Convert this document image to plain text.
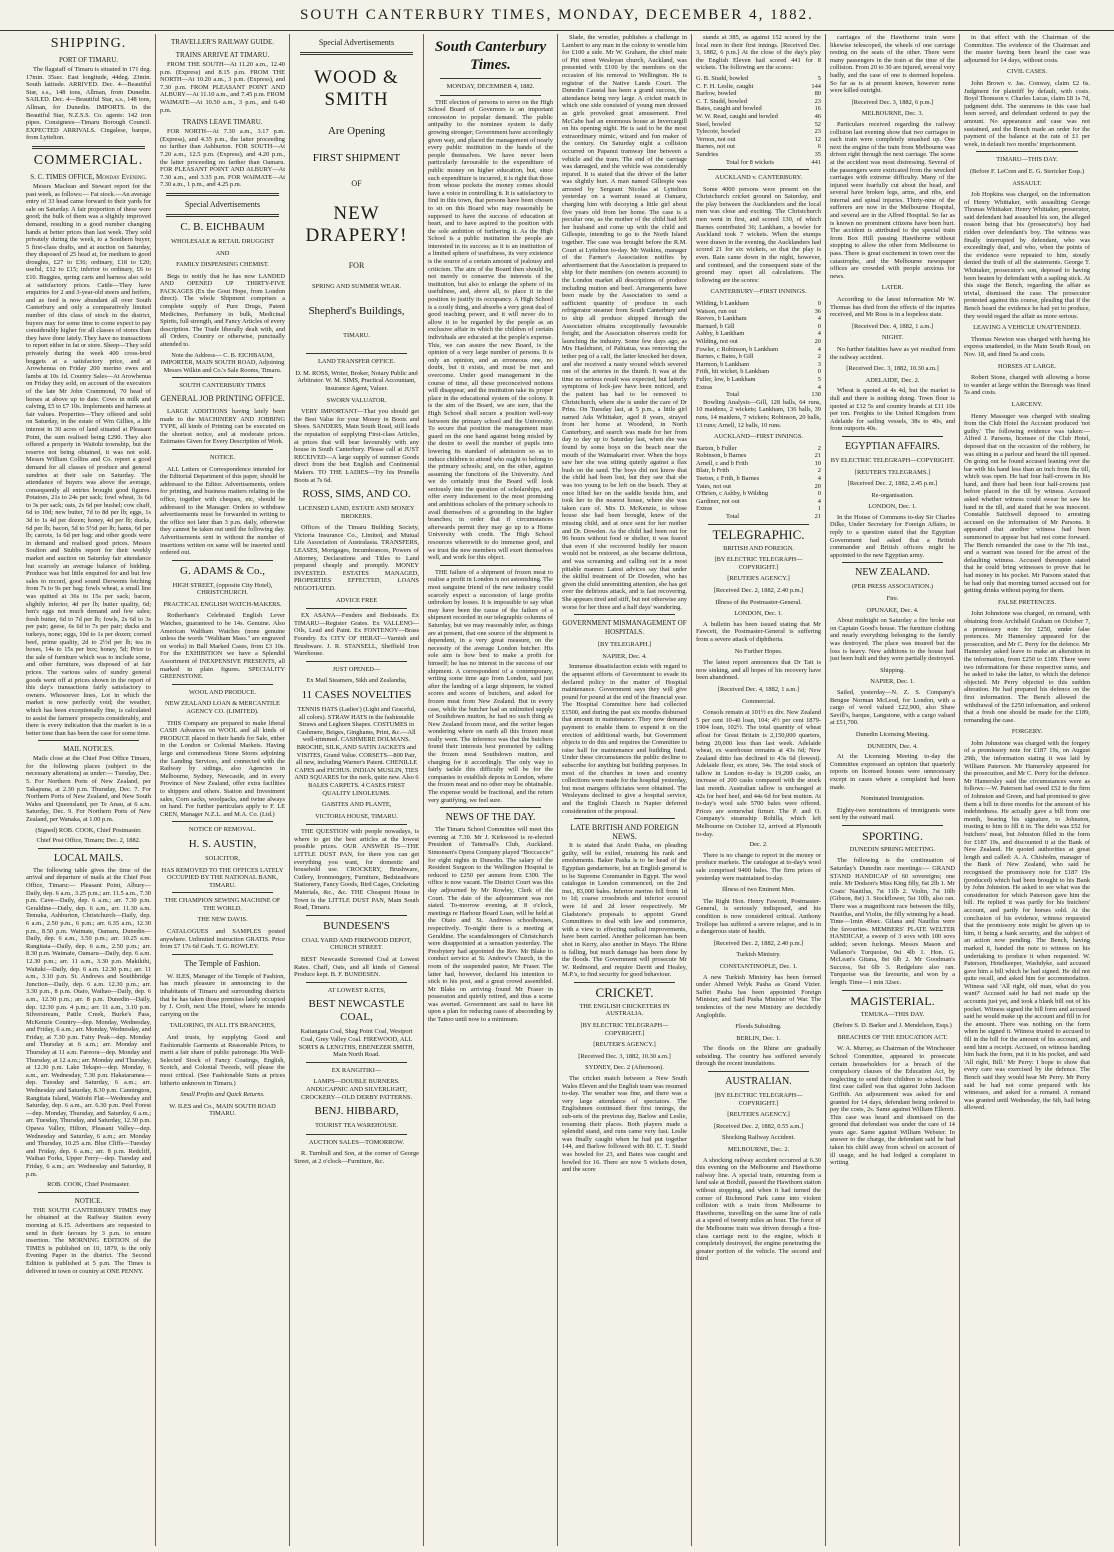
SOUTH CANTERBURY TIMES, MONDAY, DECEMBER 4, 1882.
SHIPPING.
PORT OF TIMARU.

The flagstaff of Timaru is situated in 171 deg. 17min. 35sec. East longitude, 44deg. 23min. South latitude. ARRIVED. Dec. 4—Beautiful Star, s.s., 148 tons, Allman, from Dunedin. SAILED. Dec. 4—Beautiful Star, s.s., 148 tons, Allman, for Dunedin. IMPORTS. In the Beautiful Star, N.Z.S.S. Co. agents: 142 iron pipes. Consignees—Timaru Borough Council. EXPECTED ARRIVALS. Cingalese, barque, from Lyttelton.

COMMERCIAL.
S. C. TIMES OFFICE, Monday Evening.

Messrs Maclean and Stewart report for the past week, as follows:— Fat stock.—An average entry of 33 head came forward to their yards for sale on Saturday. A fair proportion of these were good; the bulk of them was a slightly improved demand, resulting in a good number changing hands at better prices than last week. They sold privately during the week, to a Southern buyer, 5 first-class drafts, and at auction on Saturday, they disposed of 25 head at, for medium to good droughts, £27 to £36; ordinary, £18 to £20; useful, £12 to £15; inferior to ordinary, £6 to £10. Buggies, spring carts and harness also sold at satisfactory prices. Cattle—They have enquiries for 2 and 3-year-old steers and heifers, and as feed is now abundant all over South Canterbury and only a comparatively limited number of this class of stock in the district, buyers may for some time to come expect to pay considerably higher for all classes of stores than they have done lately. They have no transactions to report either in fat or store. Sheep—They sold privately during the week 400 cross-bred hoggets at a satisfactory price, and at Arowhenua on Friday 200 merino ewes and lambs at 10s 1d. Country Sales—At Arowhenua on Friday they sold, on account of the executors of the late Mr John Crammond, 70 head of horses at above up to date. Cows in milk and calving, £5 to £7 10s. Implements and harness at fair values. Properties—They offered and sold on Saturday, in the estate of Wm Gillies, a life interest in 30 acres of land situated at Pleasant Point, the sum realised being £290. They also offered a property in Waitohi township, but the reserve not being obtained, it was not sold. Messrs William Collins and Co. report a good demand for all classes of produce and general sundries at their sale on Saturday. The attendance of buyers was above the average, consequently all entries brought good figures. Potatoes, 21s to 24s per sack; fowl wheat, 3s 6d to 3s per sack; oats, 2s 6d per bushel; cow chaff, 6d to 10d; new butter, 7d to 8d per lb; eggs, 1s 3d to 1s 4d per dozen; honey, 4d per lb; ducks, 6d per lb; bacon, 5d to 5½d per lb; hams, 6d per lb; carrots, 1s 6d per bag; and other goods were in demand and realised good prices. Messrs Soulton and Stubbs report for their weekly market and auction on Saturday fair attendance but scarcely an average balance of bidding. Produce was but little enquired for and but few sales to record, good sound Derwents fetching from 7s to 9s per bag; fowls wheat, a small line was quitted at 36s to 15s per sack; bacon, slightly inferior, 4d per lb; butter quality, 6d; hen's eggs not much demand and few sales; fresh butter, 6d to 7d per lb; fowls, 2s 6d to 3s per pair; geese, 6s 6d to 7s per pair; ducks and turkeys, none; eggs, 10d to 1s per dozen; corned beef, prime quality, 2d to 2½d per lb; tea in boxes, 14s to 15s per box; honey, 5d; Prior to the sale of furniture which was to include some, and other furniture, was disposed of at fair prices. The various sales of sundry general goods went off at prices shown in the report of this day's transactions fairly satisfactory to owners. Whosoever lines, Lot in which the market is now perfectly void; the weather, which has been exceptionally fine, is calculated to assist the farmers' prospects considerably, and there is every indication that the market is in a better tone than has been the case for some time.

MAIL NOTICES.

Mails close at the Chief Post Office Timaru, for the following places (subject to the necessary alterations) as under:— Tuesday, Dec. 5. For Northern Ports of New Zealand, per Takapuna, at 2.30 p.m. Thursday, Dec. 7. For Northern Ports of New Zealand, and New South Wales and Queensland, per Te Anau, at 6 a.m. Saturday, Dec. 9. For Northern Ports of New Zealand, per Wanaka, at 1.00 p.m.

(Signed) ROB. COOK, Chief Postmaster.

Chief Post Office, Timaru; Dec. 2, 1882.

LOCAL MAILS.

The following table gives the time of the arrival and departure of mails at the Chief Post Office, Timaru:— Pleasant Point, Albury—Daily, dep. 6 a.m., 3.25 p.m.; arr. 11.5 a.m., 7.30 p.m. Cave—Daily, dep. 6 a.m.; arr. 7.30 p.m. Geraldine—Daily, dep. 6 a.m., arr. 11.30 a.m. Temuka, Ashburton, Christchurch—Daily, dep. 6 a.m., 2.50 p.m., 6 p.m.; arr. 6.35 a.m., 12.30 p.m., 8.50 p.m. Waimate, Oamaru, Dunedin—Daily, dep. 6 a.m., 3.50 p.m.; arr. 10.25 a.m. Rangitata—Daily, dep. 6 a.m., 2.50 p.m.; arr. 8.30 p.m. Waimate, Oamaru—Daily, dep. 6 a.m. 12.30 p.m.; arr. 11 a.m., 3.30 p.m. Makikihi, Waitaki—Daily, dep. 6 a.m. 12.30 p.m.; arr. 11 a.m., 3.10 p.m. St. Andrews and Southbridge Junction—Daily, dep. 6 a.m. 12.30 p.m.; arr. 3.30 p.m., 8 p.m. Otaio, Waihao—Daily, dep. 6 a.m., 12.30 p.m.; arr. 8 p.m. Dunedin—Daily, dep. 12.30 p.m. 4 p.m.; arr. 11 a.m., 3.10 p.m. Silverstream, Pattle Creek, Burke's Pass, McKenzie Country—dep. Monday, Wednesday, and Friday, 6 a.m.; arr. Monday, Wednesday, and Friday, at 7.30 p.m. Fairy Peak—dep. Monday and Thursday at 6 a.m.; arr. Monday and Thursday at 11 a.m. Fareora—dep. Monday and Thursday, at 12 a.m.; arr. Monday and Thursday, at 12.30 p.m. Lake Tekapo—dep. Monday, 6 a.m., arr. Wednesday, 7.30 p.m. Hakataramea—dep. Tuesday and Saturday, 6 a.m.; arr. Wednesday and Saturday, 8.30 p.m. Cannington, Rangitata Island, Waitohi Flat—Wednesday and Saturday, dep. 6 a.m., arr. 6.30 p.m. Peel Forest—dep. Monday, Thursday, and Saturday, 6 a.m.; arr. Tuesday, Thursday, and Saturday, 12.30 p.m. Opawa Valley, Hilton, Pleasant Valley—dep. Wednesday and Saturday, 6 a.m.; arr. Monday and Thursday, 10.25 a.m. Blue Cliffs—Tuesday and Friday, dep. 6 a.m.; arr. 8 p.m. Redcliff, Waihao Forks, Upper Ferry—dep. Tuesday and Friday, 6 a.m.; arr. Wednesday and Saturday, 8 p.m.

ROB. COOK, Chief Postmaster.

NOTICE.

THE SOUTH CANTERBURY TIMES may be obtained at the Railway Station every morning at 6.15. Advertisers are requested to send in their favours by 3 p.m. to ensure insertion. The MORNING EDITION of the TIMES is published on 10, 1879, is the only Evening Paper in the district. The Second Edition is published at 5 p.m. The Times is delivered in town or country at ONE PENNY.

TRAVELLER'S RAILWAY GUIDE.
TRAINS ARRIVE AT TIMARU.

FROM THE SOUTH—At 11.20 a.m., 12.40 p.m. (Express) and 8.15 p.m. FROM THE NORTH—At 10.20 a.m., 3 p.m. (Express), and 7.30 p.m. FROM PLEASANT POINT AND ALBURY—At 11.10 a.m., and 7.45 p.m. FROM WAIMATE—At 10.50 a.m., 3 p.m., and 6.40 p.m.

TRAINS LEAVE TIMARU.

FOR NORTH—At 7.30 a.m., 3.17 p.m. (Express), and 4.35 p.m., the latter proceeding no farther than Ashburton. FOR SOUTH—At 7.20 a.m., 12.5 p.m. (Express), and 4.20 p.m., the latter proceeding no farther than Oamaru. FOR PLEASANT POINT AND ALBURY—At 7.30 a.m., and 3.35 p.m. FOR WAIMATE—At 7.30 a.m., 1 p.m., and 4.25 p.m.

Special Advertisements
C. B. EICHBAUM
WHOLESALE & RETAIL DRUGGIST
AND
FAMILY DISPENSING CHEMIST.

Begs to notify that he has now LANDED AND OPENED UP THIRTY-FIVE PACKAGES (Ex the Gout Hope, from London direct). The whole Shipment comprises a complete supply of Pure Drugs, Patent Medicines, Perfumery in bulk, Medicinal Spirits, full strength, and Fancy Articles of every description. The Trade liberally dealt with, and all Orders, Country or otherwise, punctually attended to.

Note the Address— C. B. EICHBAUM, IMPORTER, MAIN SOUTH ROAD, Adjoining Messrs Wilkin and Co.'s Sale Rooms, Timaru.

SOUTH CANTERBURY TIMES
GENERAL JOB PRINTING OFFICE.

LARGE ADDITIONS having lately been made to the MACHINERY AND JOBBING TYPE, all kinds of Printing can be executed on the shortest notice, and at moderate prices. Estimates Given for Every Description of Work.

NOTICE.

ALL Letters or Correspondence intended for the Editorial Department of this paper, should be addressed to the Editor. Advertisements, orders for printing, and business matters relating to the office, together with cheques, etc, should be addressed to the Manager. Orders to withdraw advertisements must be forwarded in writing to the office not later than 3 p.m. daily, otherwise they cannot be taken out until the following day. Advertisements sent in without the number of insertions written on same will be inserted until ordered out.

G. ADAMS & Co.,
HIGH STREET, (opposite City Hotel), CHRISTCHURCH.
PRACTICAL ENGLISH WATCH-MAKERS.

Rotherham's Celebrated English Lever Watches, guaranteed to be 14s. Genuine. Also American Waltham Watches (none genuine unless the words "Waltham Mass." are engraved on works) in Ball Marked Cases, from £3 10s. For the EXHIBITION we have a Splendid Assortment of INEXPENSIVE PRESENTS, all marked in plain figures. SPECIALITY GREENSTONE.

WOOL AND PRODUCE.
NEW ZEALAND LOAN & MERCANTILE AGENCY CO. (LIMITED).

THIS Company are prepared to make liberal CASH Advances on WOOL and all kinds of PRODUCE placed in their hands for Sale, either in the London or Colonial Markets. Having large and commodious Stone Stores adjoining the Landing Services, and connected with the Railway by sidings, also Agencies in Melbourne, Sydney, Newcastle, and in every Province of New Zealand, offer extra facilities to shippers and others. Station and Investment sales, Corn sacks, woolpacks, and twine always on hand. For further particulars apply to F. LE CREN, Manager N.Z.L. and M.A. Co. (Ltd.)

NOTICE OF REMOVAL.
H. S. AUSTIN,
SOLICITOR,

HAS REMOVED TO THE OFFICES LATELY OCCUPIED BY THE NATIONAL BANK, TIMARU.

THE CHAMPION SEWING MACHINE OF THE WORLD.
THE NEW DAVIS.

CATALOGUES and SAMPLES posted anywhere. Unlimited instruction GRATIS. Price from £7 17s 6d Cash. T. G. ROWLEY.

The Temple of Fashion.

W. ILES, Manager of the Temple of Fashion, has much pleasure in announcing to the inhabitants of Timaru and surrounding districts that he has taken those premises lately occupied by J. Croft, next Uhe Hotel, where he intends carrying on the

TAILORING, IN ALL ITS BRANCHES,

And trusts, by supplying Good and Fashionable Garments at Reasonable Prices, to merit a fair share of public patronage. His Well-Selected Stock of Fancy Coatings, English, Scotch, and Colonial Tweeds, will please the most critical. (See Fashionable Suits at prices hitherto unknown in Timaru.)

Small Profits and Quick Returns.
W. ILES and Co., MAIN SOUTH ROAD TIMARU.
Special Advertisements
WOOD & SMITH
Are Opening
FIRST SHIPMENT
OF
NEW DRAPERY!
FOR
SPRING AND SUMMER WEAR.
Shepherd's Buildings,
TIMARU.
LAND TRANSFER OFFICE.

D. M. ROSS, Writer, Broker, Notary Public and Arbitrator. W. M. SIMS, Practical Accountant, Insurance Agent, Valuer.

SWORN VALUATOR.

VERY IMPORTANT—That you should get the Best Value for your Money in Boots and Shoes. SANDERS, Main South Road, still leads the reputation of supplying First-class Articles, at prices that will bear favourably with any house in South Canterbury. Please call at JUST RECEIVED—A large supply of summer Goods direct from the best English and Continental Makers. TO THE LADIES—Try his Prunella Boots at 7s 6d.

ROSS, SIMS, AND CO.
LICENSED LAND, ESTATE AND MONEY BROKERS.

Offices of the Timaru Building Society, Victoria Insurance Co., Limited, and Mutual Life Association of Australasia. TRANSFERS, LEASES, Mortgages, Incumbrances, Powers of Attorney, Declarations and Titles to Land prepared cheaply and promptly. MONEY INVESTED. ESTATES MANAGED, PROPERTIES EFFECTED, LOANS NEGOTIATED.

ADVICE FREE

EX ASANA—Fenders and Bedsteads. Ex TIMARU—Register Grates. Ex VALLENO—Oils, Lead and Paint. Ex FONTENOY—Brass Foundry. Ex CITY OF HERAT—Varnish and Brushware. J. R. STANSELL, Sheffield Iron Warehouse.

JUST OPENED—
Ex Mail Steamers, Sikh and Zealandia,
11 CASES NOVELTIES

TENNIS HATS (Ladies') (Light and Graceful, all colors). STRAW HATS in the fashionable Straws and Leghorn Shapes. COSTUMES in Cashmere, Beiges, Ginghams, Print, &c.—All well-trimmed. CASHMERE DOLMANS. BROCHE, SILK, AND SATIN JACKETS and VISITES, Grand Value. CORSETS—800 Pair, all new, including Warner's Patent. CHENILLE CAPES and FICHUS. INDIAN MUSLIN, TIES AND SQUARES for the neck, quite new. Also 6 BALES CARPETS. 4 CASES FIRST QUALITY LINOLEUMS.

GABITES AND PLANTE,
VICTORIA HOUSE, TIMARU.

THE QUESTION with people nowadays, is where to get the best articles at the lowest possible prices. OUR ANSWER IS—THE LITTLE DUST PAN, for there you can get everything you want, for domestic and household use. CROCKERY, Brushware, Cutlery, Ironmongery, Furniture, Bedsteadware Stationery, Fancy Goods, Bird Cages, Cricketing Materials, &c., &c. THE Cheapest House in Town is the LITTLE DUST PAN, Main South Road, Timaru.

BUNDESEN'S
COAL YARD AND FIREWOOD DEPOT, CHURCH STREET.

BEST Newcastle Screened Coal at Lowest Rates. Chaff, Oats, and all kinds of General Produce kept. B. F. BUNDESEN.

AT LOWEST RATES,
BEST NEWCASTLE COAL,

Kaitangata Coal, Shag Point Coal, Westport Coal, Grey Valley Coal. FIREWOOD, ALL SORTS & LENGTHS, EBENEZER SMITH, Main North Road.

EX RANGITIKI—

LAMPS—DOUBLE BURNERS. ANDUCAPNIC AND SILVERLIGHT, CROCKERY—OLD DERBY PATTERNS.

BENJ. HIBBARD,
TOURIST TEA WAREHOUSE.
AUCTION SALES—TOMORROW.

R. Turnbull and Son, at the corner of George Street, at 2 o'clock—Furniture, &c.

South Canterbury Times.
MONDAY, DECEMBER 4, 1882.

THE election of persons to serve on the High School Board of Governors is an important concession to popular demand. The public antipathy to the nominee system is daily growing stronger; Government have accordingly given way, and placed the management of nearly every public institution in the hands of the people themselves. We have never been particularly favourable to the expenditure of public money on higher education, but, since such expenditure is incurred, it is right that those from whose pockets the money comes should have a voice in controlling it. It is satisfactory to find in this town, that persons have been chosen to sit on this Board who may reasonably be supposed to have the success of education at heart, and to have aspired to the position with the sole ambition of furthering it. As the High School is a public institution the people are interested in its success; as it is an institution of a limited sphere of usefulness, its very existence is the source of a certain amount of jealousy and criticism. The aim of the Board then should be, not merely to conserve the interests of the institution, but also to enlarge the sphere of its usefulness, and, above all, to place it in the position to justify its occupancy. A High School is a costly thing, and absorbs a very great deal of good teaching power, and it will never do to allow it to be regarded by the people as an exclusive affair in which the children of certain individuals are educated at the people's expense. This, we can assure the new Board, is the opinion of a very large number of persons. It is only an opinion, and an erroneous one, no doubt, but it exists, and must be met and overcome. Under good management in the course of time, all these preconceived notions will disappear, and the institution take its proper place in the educational system of the colony. It is the aim of the Board, we are sure, that the High School shall secure a position well-way between the primary school and the University. To secure that position the management must guard on the one hand against being misled by the desire to swell the number of pupils into lowering its standard of admission so as to induce children to attend who ought to belong to the primary schools; and, on the other, against assuming the functions of the University. And we do certainly trust the Board will look seriously into the question of scholarships, and offer every inducement to the most promising and ambitious scholars of the primary schools to avail themselves of a grounding in the higher branches; in order that if circumstances afterwards permit they may go up to a Home University with credit. The High School resources wherewith to do immense good, and we trust the new members will exert themselves well, and work for this object.

THE failure of a shipment of frozen meat to realise a profit in London is not astonishing. The most sanguine friend of the new industry could scarcely expect a succession of large profits unbroken by losses. It is impossible to say what may have been the cause of the failure of a shipment recorded in our telegraphic columns of Saturday, but we may reasonably infer, as things are at present, that one source of the shipment is dependent, in a very great measure, on the necessity of the average London butcher. His sole aim is how best to make a profit for himself; he has no interest in the success of our shipment. A correspondent of a contemporary, writing some time ago from London, said just after the landing of a large shipment, he visited scores and scores of butchers, and asked for frozen meat from New Zealand. But in every case, while the butcher had an unlimited supply of Southdown mutton, he had no such thing as New Zealand frozen meat, and the writer began wondering where on earth all this frozen meat really went. The inference was that the butchers found their interests best promoted by calling the frozen meat Southdown mutton, and charging for it accordingly. The only way to fairly tackle this difficulty will be for the companies to establish depots in London, where the frozen meat and no other may be obtainable. The expense would be fractional, and the return very gratifying, we feel sure.

NEWS OF THE DAY.

The Timaru School Committee will meet this evening at 7.30. Mr J. Kirkwood is re-elected President of Tattersall's Club, Auckland. Simonsen's Opera Company played "Boccaccio" for eight nights in Dunedin. The salary of the Resident Surgeon to the Wellington Hospital is reduced to £250 per annum from £300. The office is now vacant. The District Court was this day adjourned by Mr Rowley, Clerk of the Court. The date of the adjournment was not stated. To-morrow evening, at 8 o'clock, meetings re Harbour Board Loan, will be held at the Otaio and St. Andrews schoolhouses, respectively. To-night there is a meeting at Geraldine. The scandalmongers of Christchurch were disappointed at a sensation yesterday. The Presbytery had appointed the Rev. Mr Blake to conduct service at St. Andrew's Church, in the room of the suspended pastor, Mr Fraser. The latter had, however, declared his intention to stick to his post, and a great crowd assembled. Mr Blake on arriving found Mr Fraser in possession and quietly retired, and thus a scene was averted. Government are said to have hit upon a plan for reducing cases of absconding by the Tattoo until now to a minimum.

Slade, the wrestler, publishes a challenge in Lambert to any man in the colony to wrestle him for £100 a side. Mr W. Graham, the chief mate of Pitt street Wesleyan church, Auckland, was presented with £100 by the members on the occasion of his removal to Wellington. He is registrar of the Native Lands Court. The Dunedin Caustal has been a grand success, the attendance being very large. A cricket match in which one side consisted of young men dressed as girls provoked great amusement. Fred McCabe had an enormous house at Invercargill on his opening night. He is said to be the most extraordinary mimic, wizard and fun maker of the century. On Saturday night a collision occurred on Papanui tramway line between a vehicle and the tram. The end of the carriage was damaged, and the vehicle was considerably injured. It is stated that the driver of the latter was slightly hurt. A man named Gillespie was arrested by Sergeant Nicolas at Lyttelton yesterday on a warrant issued at Oamaru, charging him with decoying a little girl about five years old from her home. The case is a peculiar one, as the mother of the child had left her husband and come up with the child and Gillespie, intending to go to the North Island together. The case was brought before the R.M. Court at Lyttelton to-day. Mr Watkins, manager of the Farmer's Association notifies by advertisement that the Association is prepared to ship for their members (on owners account) to the London market all descriptions of produce including mutton and beef. Arrangements have been made by the Association to send a sufficient quantity of produce in each refrigerator steamer from South Canterbury and to ship all produce shipped through the Association obtains exceptionally favourable freight, and the Association observes credit for launching the industry. Some few days ago, as Mrs Haslehurst, of Pahiatua, was removing the tether peg of a calf, the latter knocked her down, and she received a nasty wound which severed one of the arteries in the thumb. It was at the time no serious result was expected, but latterly symptoms of lock-jaw have been noticed, and the patient has had to be removed to Christchurch, where she is under the care of Dr Prins. On Tuesday last, at 5 p.m., a little girl named Ada Whittaker, aged 8 years, strayed from her home at Woodend, in North Canterbury, and search was made for her from day to day up to Saturday last, when she was found by some boys on the beach near the mouth of the Waimakariri river. When the boys saw her she was sitting quietly against a flax bush on the sand. The boys did not know that the child had been lost, but they saw that she was too young to be left on the beach. They at once lifted her on the saddle beside him, and took her to the nearest house, where she was taken care of. Mrs D. McKenzie, to whose house she had been brought, knew of the missing child, and at once sent for her mother and Dr. Dowden. As the child had been out for 96 hours without food or shelter, it was feared that even if she recovered bodily her reason would not be restored, as she became delirious, and was screaming and calling out in a most pitiable manner. Latest advices say that under the skilful treatment of Dr Dowden, who has given the child unremitting attention, she has got over the delirious attack, and is fast recovering. She appears tired and stiff, but not otherwise any worse for her three and a half days' wandering.

GOVERNMENT MISMANAGEMENT OF HOSPITALS.
[BY TELEGRAPH.]

NAPIER, Dec. 4.

Immense dissatisfaction exists with regard to the apparent efforts of Government to evade its declared policy in the matter of Hospital maintenance. Government says they will give pound for pound at the end of the financial year. The Hospital Committee here had collected £1500, and during the past six months disbursed that amount in maintenance. They now demand payment to enable them to expend it on the erection of additional wards, but Government objects to do this and requires the Committee to raise half for maintenance and building fund. Under these circumstances the public decline to subscribe for anything but building purposes. In most of the churches in town and country collections were made for the hospital yesterday, but most mangers officiates were obtained. The Wesleyans declined to give a hospital service, and the English Church in Napier deferred consideration of the proposal.

LATE BRITISH AND FOREIGN NEWS.

It is stated that Arabi Pasha, on pleading guilty, will be exiled, retaining his rank and emoluments. Baker Pasha is to be head of the Egyptian gendarmerie, but an English general is to be Supreme Commander in Egypt. The wool catalogue in London commenced, on the 2nd inst., 83,000 bales. Inferior merino fell from 1d to 1d; coarse crossbreds and inferior scoured were 1d and 2d lower respectively. Mr Gladstone's proposals to appoint Grand Committees to deal with law and commerce, with a view to effecting radical improvements, have been carried. Another policeman has been shot in Kerry, also another in Mayo. The Rhine is falling, but much damage has been done by the floods. The Government will prosecute Mr W. Redmond, and require Davitt and Healey, M.P.'s, to find security for good behaviour.

CRICKET.
THE ENGLISH CRICKETERS IN AUSTRALIA.
[BY ELECTRIC TELEGRAPH—COPYRIGHT.]
[REUTER'S AGENCY.]
[Received Dec. 3, 1882, 10.30 a.m.]

SYDNEY, Dec. 2 (Afternoon).

The cricket match between a New South Wales Eleven and the English team was resumed to-day. The weather was fine, and there was a very large attendance of spectators. The Englishmen continued their first innings, the sub-sets of the previous day, Barlow and Leslie, resuming their places. Both players made a splendid stand, and runs came very fast. Leslie was finally caught when he had put together 144, and Barlow followed with 80. C. T. Studd was bowled for 23, and Bates was caught and bowled for 16. There are now 5 wickets down, and the score

stands at 385, as against 152 scored by the local men in their first innings. [Received Dec. 3, 1882, 6 p.m.] At the close of the day's play the English Eleven had scored 441 for 8 wickets. The following are the scores:

G. B. Studd, bowled	5
C. F. H. Leslie, caught	144
Barlow, bowled	80
C. T. Studd, bowled	23
Bates, caught and bowled	16
W. W. Read, caught and bowled	46
Steel, bowled	52
Tylecote, bowled	23
Vernon, not out	12
Barnes, not out	6
Sundries	35
Total for 8 wickets	441
AUCKLAND v. CANTERBURY.

Some 4000 persons were present on the Christchurch cricket ground on Saturday, and the play between the Aucklanders and the local men was close and exciting. The Christchurch men went in first, and scored 130, of which Barnes contributed 36; Lankham, a bowler for Auckland took 7 wickets. When the stumps were drawn in the evening, the Aucklanders had scored 21 for six wickets, so that the play is even. Rain came down in the night, however, and continued, and the consequent state of the ground may upset all calculations. The following are the scores:

CANTERBURY—FIRST INNINGS.
Wilding, b Lankham	0
Watson, run out	36
Reeves, b Lankham	4
Barnard, b Gill	0
Ashby, b Lankham	4
Wilding, not out	20
Fowler, c Robinson, b Lankham	4
Barnes, c Bates, b Gill	2
Harmon, b Lankham	3
Frith, hit wicket, b Lankham	0
Fuller, low, b Lankham	5
Extras	4
Total	130

Bowling Analysis—Gill, 128 balls, 64 runs, 10 maidens, 2 wickets; Lankham, 136 balls, 39 runs, 14 maidens, 7 wickets; Robinson, 20 balls, 13 runs; Arnell, 12 balls, 10 runs.

AUCKLAND—FIRST INNINGS.
Barton, b Fuller	2
Robinson, b Barnes	21
Arnell, c and b Frith	10
Blair, b Frith	2
Teeton, c Frith, b Barnes	4
Yates, not out	20
O'Brien, c Ashby, b Wilding	0
Gardiner, not out	4
Extras	1
Total	21
TELEGRAPHIC.
BRITISH AND FOREIGN.
[BY ELECTRIC TELEGRAPH—COPYRIGHT.]
[REUTER'S AGENCY.]
[Received Dec. 2, 1882, 2.40 p.m.]
Illness of the Postmaster-General.

LONDON, Dec. 1.

A bulletin has been issued stating that Mr Fawcett, the Postmaster-General is suffering from a severe attack of diphtheria.

No Further Hopes.

The latest report announces that Dr Tait is now sinking, and all hopes of his recovery have been abandoned.

[Received Dec. 4, 1882, 1 a.m.]
Commercial.

Consols remain at 101½ ex div. New Zealand 5 per cent 10-40 loan, 104; 4½ per cent 1879-1904 loan, 102½. The total quantity of wheat afloat for Great Britain is 2,150,000 quarters, being 20,000 less than last week. Adelaide wheat, ex warehouse remains at 43s 6d; New Zealand ditto has declined to 43s 6d (lowest). Adelaide flour, ex store, 34s. The total stock of tallow in London to-day is 19,200 casks, an increase of 200 casks compared with the stock last month. Australian tallow is unchanged at 42s for beef beef, and 44s 6d for best mutton. At to-day's wool sale 5700 bales were offered. Prices are somewhat firmer. The P. and O. Company's steamship Rohilla, which left Melbourne on October 12, arrived at Plymouth to-day.

Dec. 2.

There is no change to report in the money or produce markets. The catalogue at to-day's wool sale comprised 9400 bales. The firm prices of yesterday were maintained to-day.

Illness of two Eminent Men.

The Right Hon. Henry Fawcett, Postmaster-General, is seriously indisposed, and his condition is now considered critical. Anthony Trollope has suffered a severe relapse, and is in a dangerous state of health.

[Received Dec. 2, 1882, 2.40 p.m.]
Turkish Ministry.

CONSTANTINOPLE, Dec. 1.

A new Turkish Ministry has been formed under Ahmed Vefyk Pasha as Grand Vizier. Saffet Pasha has been appointed Foreign Minister, and Said Pasha Minister of War. The tendencies of the new Ministry are decidedly Anglophile.

Floods Subsiding.

BERLIN, Dec. 1.

The floods on the Rhine are gradually subsiding. The country has suffered severely through the recent inundations.

AUSTRALIAN.
[BY ELECTRIC TELEGRAPH—COPYRIGHT.]
[REUTER'S AGENCY.]
[Received Dec. 2, 1882, 0.55 a.m.]
Shocking Railway Accident.

MELBOURNE, Dec. 2.

A shocking railway accident occurred at 6.30 this evening on the Melbourne and Hawthorne railway line. A special train, returning from a land sale at Boxhill, passed the Hawthorn station without stopping, and when it had turned the corner of Richmond Park came into violent collision with a train from Melbourne to Hawthorne, travelling on the same line of rails at a speed of twenty miles an hour. The force of the Melbourne train was driven through a first-class carriage next to the engine, which it completely destroyed, the engine penetrating the greater portion of the vehicle. The second and third

carriages of the Hawthorne train were likewise telescoped, the wheels of one carriage resting on the seats of the other. There were many passengers in the train at the time of the collision. From 20 to 30 are injured, several very badly, and the case of one is deemed hopeless. So far as is at present known, however none were killed outright.

[Received Dec. 3, 1882, 6 p.m.]

MELBOURNE, Dec. 3.

Particulars received regarding the railway collision last evening show that two carriages in each train were completely smashed up. One next the engine of the train from Melbourne was driven right through the next carriage. The scene at the accident was most distressing. Several of the passengers were extricated from the wrecked carriages with extreme difficulty. Many of the injured were fearfully cut about the head, and several have broken legs, arms, and ribs, and internal and spinal injuries. Thirty-nine of the sufferers are now in the Melbourne Hospital, and several are in the Alfred Hospital. So far as is known no prominent citizens have been hurt. The accident is attributed to the special train from Box Hill passing Hawthorne without stopping to allow the other from Melbourne to pass. There is great excitement in town over the catastrophe, and the Melbourne newspaper offices are crowded with people anxious for news.

LATER.

According to the latest information Mr W. Thomas has died from the effects of the injuries received, and Mr Ross is in a hopeless state.

[Received Dec. 4, 1882, 1 a.m.]
NIGHT.

No further fatalities have as yet resulted from the railway accident.

[Received Dec. 3, 1882, 10.30 a.m.]

ADELAIDE, Dec. 2.

Wheat is quoted at 4s 4d, but the market is dull and there is nothing doing. Town flour is quoted at £12 5s and country brands at £11 10s per ton. Freights to the United Kingdom from Adelaide for sailing vessels, 38s to 40s, and from outports 40s.

EGYPTIAN AFFAIRS.
BY ELECTRIC TELEGRAPH—COPYRIGHT.
[REUTER'S TELEGRAMS.]
[Received Dec. 2, 1882, 2.45 p.m.]
Re-organisation.

LONDON, Dec. 1.

In the House of Commons to-day Sir Charles Dilke, Under Secretary for Foreign Affairs, in reply to a question stated that the Egyptian Government had asked that a British commander and British officers might be appointed to the new Egyptian army.

NEW ZEALAND.
(PER PRESS ASSOCIATION.)
Fire.

OPUNAKE, Dec. 4.

About midnight on Saturday a fire broke out on Captain Good's house. The furniture clothing and nearly everything belonging to the family was destroyed. The place was insured but the loss is heavy. New additions to the house had just been built and they were partially destroyed.

Shipping.

NAPIER, Dec. 1.

Sailed, yesterday—N. Z. S. Company's Bengue Norman McLeod, for London, with a cargo of wool valued £22,900, also Shaw Savill's, barque, Langstone, with a cargo valued at £51,700.

Dunedin Licensing Meeting.

DUNEDIN, Dec. 4.

At the Licensing Meeting to-day the Committee expressed an opinion that quarterly reports on licensed houses were unnecessary except in cases where a complaint had been made.

Nominated Immigration.

Eighty-two nominations of immigrants were sent by the outward mail.

SPORTING.
DUNEDIN SPRING MEETING.

The following is the continuation of Saturday's Dunedin race meetings:— GRAND STAND HANDICAP of 60 sovereigns; one mile. Mr Dodson's Miss King filly, 6st 2lb 1. Mr Coats' Nautilus, 7st 11lb 2. Violin, 7st 10lb (Gibson, 8st) 3. Stockflower, 5st 10lb, also ran. There was a magnificent race between the filly, Nautilus, and Violin, the filly winning by a head. Time—1min 49sec. Gilana and Nautilus were the favourites. MEMBERS' PLATE WELTER HANDICAP, a sweep of 3 sovs with 100 sovs added; seven furlongs. Messrs Mason and Vallance's Turquoise, 9st 4lb 1. Hon. G. McLean's Gitana, 8st 6lb 2. Mr Goodman's Success, 9st 6lb 3. Redgelure also ran. Turquoise was the favourite, and won by a length. Time—1 min 32sec.

MAGISTERIAL.
TEMUKA—THIS DAY.
(Before S. D. Barker and J. Mendelson, Esqs.)
BREACHES OF THE EDUCATION ACT.

W. A. Murray, as Chairman of the Winchester School Committee, appeared to prosecute certain householders for a breach of the compulsory clauses of the Education Act, by neglecting to send their children to school. The first case called was that against John Jackson Griffith. An adjournment was asked for and granted for 14 days, defendant being ordered to pay the costs, 2s. Same against William Ellerett. This case was heard and dismissed on the ground that defendant was under the care of 14 years age. Same against William Webster. In answer to the charge, the defendant said he had taken his child away from school on account of ill usage, and he had lodged a complaint in writing

in that effect with the Chairman of the Committee. The evidence of the Chairman and the master having been heard the case was adjourned for 14 days, without costs.

CIVIL CASES.

John Brown v. Jas. Conway, claim £2 6s. Judgment for plaintiff by default, with costs. Boyd Thomson v. Charles Lucas, claim £8 1s 7d, judgment debt. The summons in this case had been served, and defendant ordered to pay the amount. No appearance and case was not sustained, and the Bench made an order for the payment of the balance at the rate of £1 per week, in default two months' imprisonment.

TIMARU—THIS DAY.
(Before F. LeCren and E. G. Stericker Esqs.)
ASSAULT.

Job Hopkins was charged, on the information of Henry Whittaker, with assaulting George Thomas Whittaker. Henry Whittaker, prosecutor, said defendant had assaulted his son, the alleged reason being that his (prosecutor's) boy had ridden over defendant's boy. The witness was finally interrupted by defendant, who was exceedingly deaf, and who, when the points of the evidence were repeated to him, stoutly denied the truth of all the statements. George T. Whittaker, prosecutor's son, deposed to having been beaten by defendant with a sapling stick. At this stage the Bench, regarding the affair as trivial, dismissed the case. The prosecutor protested against this course, pleading that if the Bench heard the evidence he had yet to produce, they would regard the affair as more serious.

LEAVING A VEHICLE UNATTENDED.

Thomas Newton was charged with having his express unattended, in the Main South Road, on Nov. 18, and fined 5s and costs.

HORSES AT LARGE.

Robert Stone, charged with allowing a horse to wander at large within the Borough was fined 5s and costs.

LARCENY.

Henry Massuger was charged with stealing from the Club Hotel the Account produced 'not guilty.' The following evidence was taken:—Alfred J. Parsons, licensee of the Club Hotel, deposed that on the occasion of the robbery, he was sitting in a parlour and heard the till opened. On going out he found accused leaning over the bar with his hand less than an inch from the till, which was open. He had four half-crowns in his hand, and there had been four half-crowns just before placed in the till by witness. Accused asked whether witness could swear he saw his hand in the till, and stated that he was innocent. Constable Satchwell deposed to arresting accused on the information of Mr Parsons. It appeared that another witness had been summoned to appear but had not come forward. The Bench remanded the case to the 7th inst., and a warrant was issued for the arrest of the defaulting witness. Accused thereupon stated that he could bring witnesses to prove that he had money in his pocket. Mr Parsons stated that he had only that morning turned accused out for getting drinks without paying for them.

FALSE PRETENCES.

John Johnstone was charged, on remand, with obtaining from Archibald Graham on October 7, a promissory note for £250, under false pretences. Mr Hamersley appeared for the prosecution, and Mr C. Perry for the defence. Mr Hamersley asked leave to make an alteration in the information, from £250 to £189. There were two informations for these respective sums, and he asked to take the latter, to which the defence objected. Mr Perry objected to this sudden alteration. He had prepared his defence on the first information. The Bench allowed the withdrawal of the £250 information, and ordered that a fresh one should be made for the £189, remanding the case.

FORGERY.

John Johnstone was charged with the forgery of a promissory note for £187 19s, on August 29th, 'the information stating it was laid by William Paterson. Mr Hamersley appeared for the prosecution, and Mr C. Perry for the defence. Mr Hamersley said the circumstances were as follows:—W. Paterson had owed £52 to the firm of Johnston and Green, and had promised to give them a bill in three months for the amount of his indebtedness. He actually gave a bill from one month, bearing his signature, to Johnston, trusting to him to fill it in. The debt was £52 for butchers' meat, but Johnston filled in the form for £187 19s, and discounted it at the Bank of New Zealand. He quoted authorities at great length and called: A. A. Chisholm, manager of the Bank of New Zealand, who said he recognised the promissory note for £187 19s (produced) which had been brought to his Bank by John Johnston. He asked to see what was the consideration for which Paterson gave him the bill. He replied it was partly for his butchers' account, and partly for horses sold. At the conclusion of his evidence, witness requested that the promissory note might be given up to him, it being a bank security, and the subject of an action now pending. The Bench, having marked it, handed the note to witness on his undertaking to produce it when requested. W. Paterson, Hotelkeeper, Washdyke, said accused gave him a bill which he had signed. He did not quite recall, and asked him for accommodation. Witness said 'All right, old man, what do you want?' Accused said he had not made up the accounts just yet, and took a blank bill out of his pocket. Witness signed the bill form and accused said he would make up the account and fill in for the amount. There was nothing on the form when he signed it. Witness trusted to accused to fill in the bill for the amount of his account, and send him a receipt. Accused, on witness handing him back the form, put it in his pocket, and said 'All right, Bill.' Mr Perry: I hope to show that every care was exercised by the defence. The Bench said they would hear Mr Perry. Mr Perry said he had not come prepared with his witnesses, and asked for a remand. A remand was granted until Wednesday, the 6th, bail being allowed.
